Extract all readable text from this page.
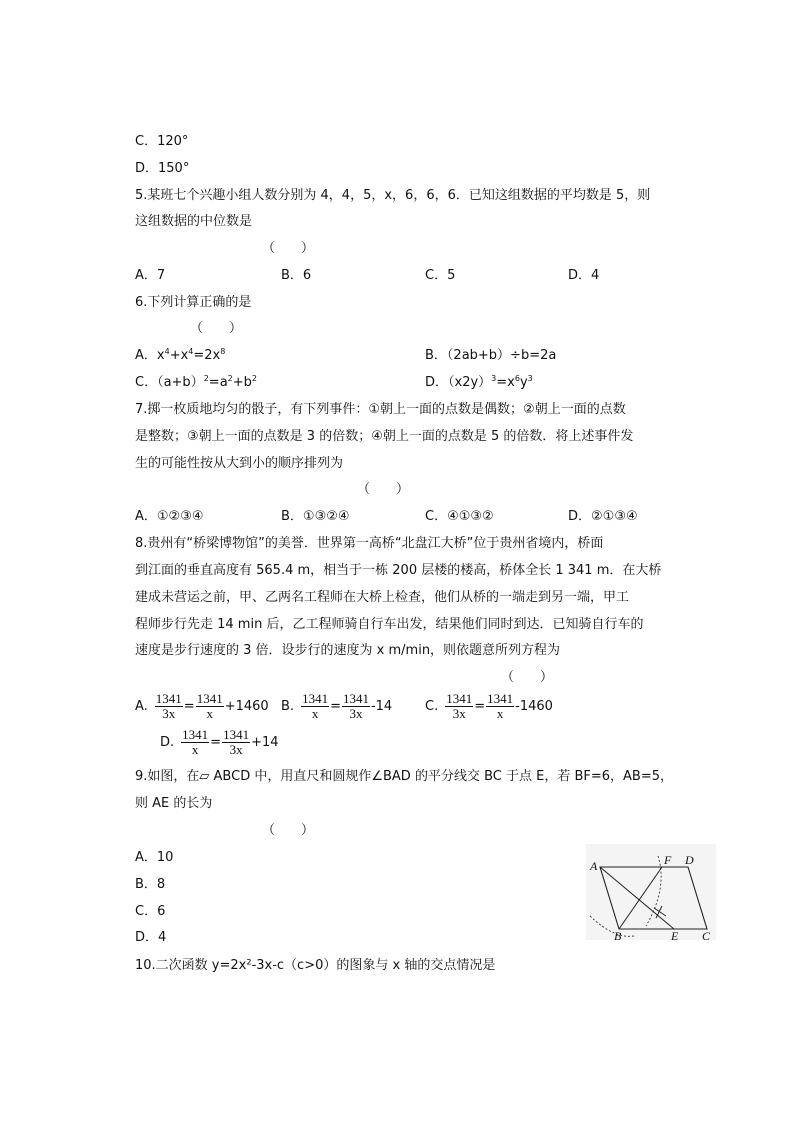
C．120°
D．150°
5.某班七个兴趣小组人数分别为 4，4，5，x，6，6，6．已知这组数据的平均数是 5，则
这组数据的中位数是
（　　）
A．7	B．6	C．5	D．4
6.下列计算正确的是
（　　）
A．$x^4+x^4=2x^8$	B．（2ab+b）÷b=2a
C．$(a+b)^2=a^2+b^2$	D．$(x2y)^3=x^6y^3$
7.掷一枚质地均匀的骰子，有下列事件：①朝上一面的点数是偶数；②朝上一面的点数
是整数；③朝上一面的点数是 3 的倍数；④朝上一面的点数是 5 的倍数．将上述事件发
生的可能性按从大到小的顺序排列为
（　　）
A．①②③④	B．①③②④	C．④①③②	D．②①③④
8.贵州有“桥梁博物馆”的美誉．世界第一高桥“北盘江大桥”位于贵州省境内，桥面
到江面的垂直高度有 565.4 m，相当于一栋 200 层楼的楼高，桥体全长 1 341 m．在大桥
建成未营运之前，甲、乙两名工程师在大桥上检查，他们从桥的一端走到另一端，甲工
程师步行先走 14 min 后，乙工程师骑自行车出发，结果他们同时到达．已知骑自行车的
速度是步行速度的 3 倍．设步行的速度为 x m/min，则依题意所列方程为
（　　）
A. $\frac{1341}{3x} = \frac{1341}{x} +1460$ B. $\frac{1341}{x} = \frac{1341}{3x} -14$	C. $\frac{1341}{3x} = \frac{1341}{x} -1460$
D. $\frac{1341}{x} = \frac{1341}{3x} +14$
9.如图，在▱ ABCD 中，用直尺和圆规作∠BAD 的平分线交 BC 于点 E，若 BF=6，AB=5，
则 AE 的长为
（　　）
A．10
B．8
C．6
D．4
A	F D
B	E C
10.二次函数 y=2x²-3x-c（c>0）的图象与 x 轴的交点情况是
